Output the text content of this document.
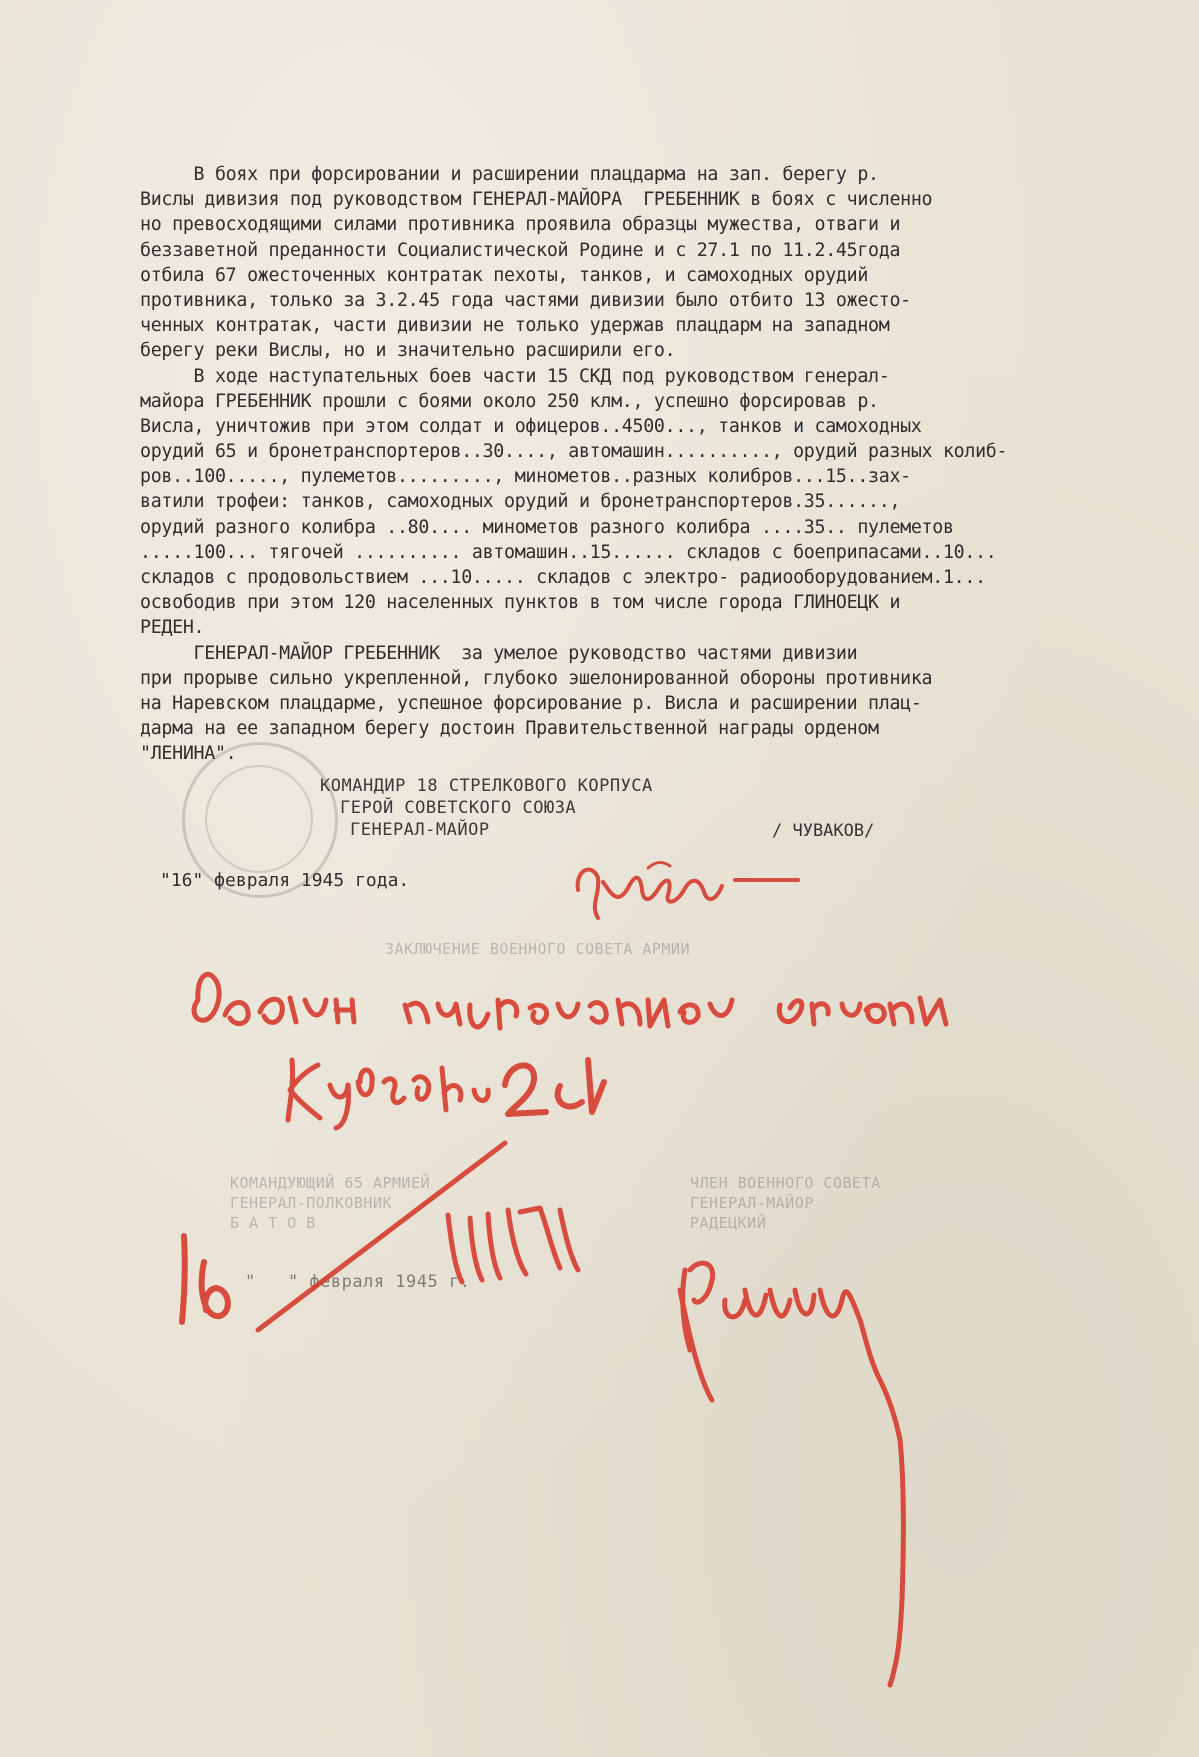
В боях при форсировании и расширении плацдарма на зап. берегу р.
Вислы дивизия под руководством ГЕНЕРАЛ-МАЙОРА  ГРЕБЕННИК в боях с численно
но превосходящими силами противника проявила образцы мужества, отваги и
беззаветной преданности Социалистической Родине и с 27.1 по 11.2.45года
отбила 67 ожесточенных контратак пехоты, танков, и самоходных орудий
противника, только за 3.2.45 года частями дивизии было отбито 13 ожесто-
ченных контратак, части дивизии не только удержав плацдарм на западном
берегу реки Вислы, но и значительно расширили его.
В ходе наступательных боев части 15 СКД под руководством генерал-
майора ГРЕБЕННИК прошли с боями около 250 клм., успешно форсировав р.
Висла, уничтожив при этом солдат и офицеров..4500..., танков и самоходных
орудий 65 и бронетранспортеров..30...., автомашин.........., орудий разных колиб-
ров..100....., пулеметов........., минометов..разных колибров...15..зах-
ватили трофеи: танков, самоходных орудий и бронетранспортеров.35......,
орудий разного колибра ..80.... минометов разного колибра ....35.. пулеметов
.....100... тягочей .......... автомашин..15...... складов с боеприпасами..10...
складов с продовольствием ...10..... складов с электро- радиооборудованием.1...
освободив при этом 120 населенных пунктов в том числе города ГЛИНОЕЦК и
РЕДЕН.
ГЕНЕРАЛ-МАЙОР ГРЕБЕННИК  за умелое руководство частями дивизии
при прорыве сильно укрепленной, глубоко эшелонированной обороны противника
на Наревском плацдарме, успешное форсирование р. Висла и расширении плац-
дарма на ее западном берегу достоин Правительственной награды орденом
"ЛЕНИНА".
КОМАНДИР 18 СТРЕЛКОВОГО КОРПУСА
ГЕРОЙ СОВЕТСКОГО СОЮЗА
ГЕНЕРАЛ-МАЙОР	/ ЧУВАКОВ/
"16" февраля 1945 года.
ЗАКЛЮЧЕНИЕ ВОЕННОГО СОВЕТА АРМИИ
КОМАНДУЮЩИЙ 65 АРМИЕЙ
ГЕНЕРАЛ-ПОЛКОВНИК
Б А Т О В
ЧЛЕН ВОЕННОГО СОВЕТА
ГЕНЕРАЛ-МАЙОР
РАДЕЦКИЙ
"   " февраля 1945 г.
